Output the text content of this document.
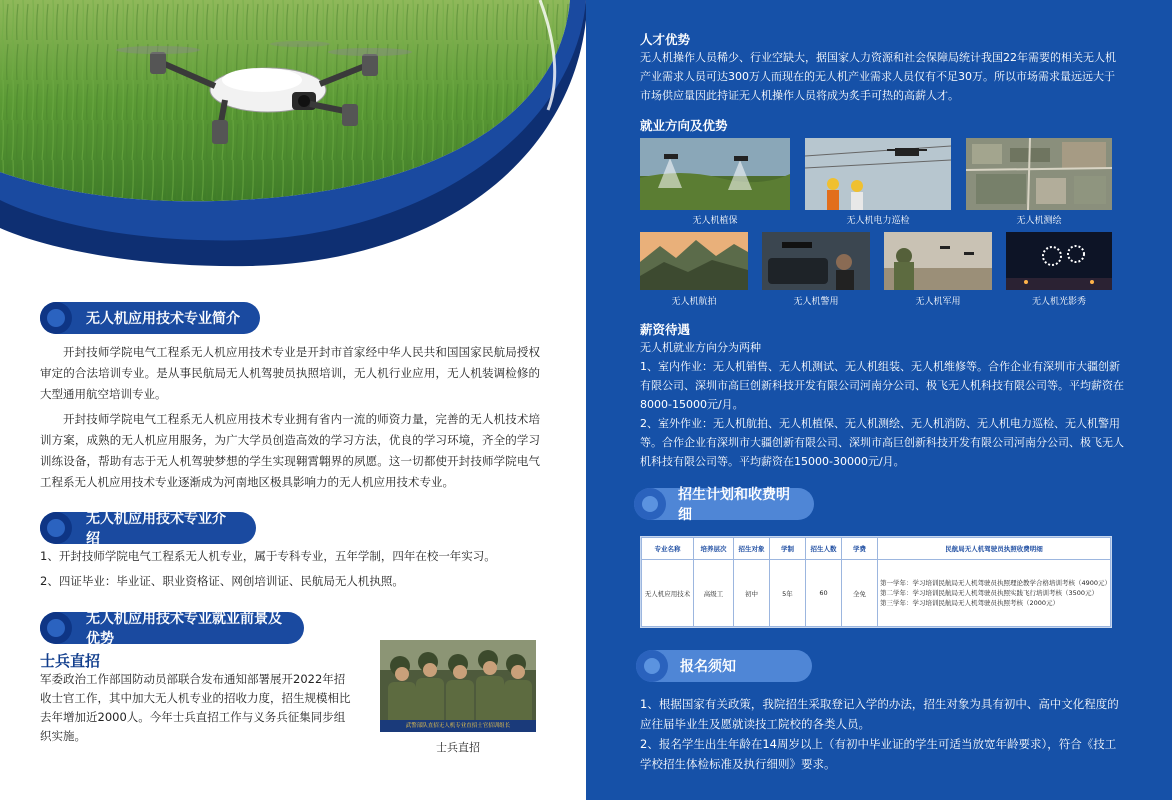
无人机应用技术专业简介

开封技师学院电气工程系无人机应用技术专业是开封市首家经中华人民共和国国家民航局授权审定的合法培训专业。是从事民航局无人机驾驶员执照培训，无人机行业应用，无人机装调检修的大型通用航空培训专业。

开封技师学院电气工程系无人机应用技术专业拥有省内一流的师资力量，完善的无人机技术培训方案，成熟的无人机应用服务，为广大学员创造高效的学习方法，优良的学习环境，齐全的学习训练设备，帮助有志于无人机驾驶梦想的学生实现翱霄翺界的夙愿。这一切都使开封技师学院电气工程系无人机应用技术专业逐渐成为河南地区极具影响力的无人机应用技术专业。

无人机应用技术专业介绍
1、开封技师学院电气工程系无人机专业，属于专科专业，五年学制，四年在校一年实习。
2、四证毕业：毕业证、职业资格证、网创培训证、民航局无人机执照。
无人机应用技术专业就业前景及优势
士兵直招
军委政治工作部国防动员部联合发布通知部署展开2022年招收士官工作，其中加大无人机专业的招收力度，招生规模相比去年增加近2000人。今年士兵直招工作与义务兵征集同步组织实施。
武警部队直招无人机专业直招士官招训组长
士兵直招
人才优势
无人机操作人员稀少、行业空缺大，据国家人力资源和社会保障局统计我国22年需要的相关无人机产业需求人员可达300万人而现在的无人机产业需求人员仅有不足30万。所以市场需求量远远大于市场供应量因此持证无人机操作人员将成为炙手可热的高薪人才。
就业方向及优势
无人机植保	无人机电力巡检	无人机测绘
无人机航拍	无人机警用	无人机军用	无人机光影秀
薪资待遇
无人机就业方向分为两种
1、室内作业：无人机销售、无人机测试、无人机组装、无人机维修等。合作企业有深圳市大疆创新有限公司、深圳市高巨创新科技开发有限公司河南分公司、极飞无人机科技有限公司等。平均薪资在8000-15000元/月。
2、室外作业：无人机航拍、无人机植保、无人机测绘、无人机消防、无人机电力巡检、无人机警用等。合作企业有深圳市大疆创新有限公司、深圳市高巨创新科技开发有限公司河南分公司、极飞无人机科技有限公司等。平均薪资在15000-30000元/月。
招生计划和收费明细
专业名称	培养层次	招生对象	学制	招生人数	学费	民航局无人机驾驶员执照收费明细
无人机应用技术	高级工	初中	5年	60	全免	第一学年：学习培训民航局无人机驾驶员执照理论教学合格培训考核（4900元）
第二学年：学习培训民航局无人机驾驶员执照实践飞行培训考核（3500元）
第三学年：学习培训民航局无人机驾驶员执照考核（2000元）
报名须知
1、根据国家有关政策，我院招生采取登记入学的办法，招生对象为具有初中、高中文化程度的应往届毕业生及愿就读技工院校的各类人员。
2、报名学生出生年龄在14周岁以上（有初中毕业证的学生可适当放宽年龄要求），符合《技工学校招生体检标准及执行细则》要求。
